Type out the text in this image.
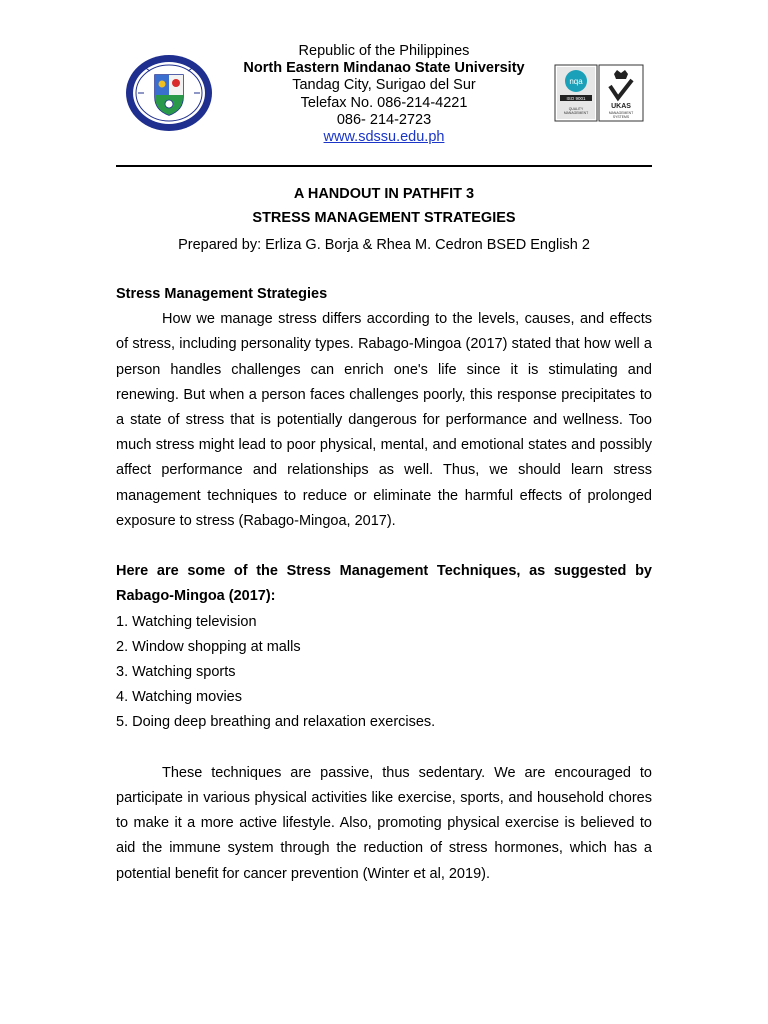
Republic of the Philippines
North Eastern Mindanao State University
Tandag City, Surigao del Sur
Telefax No. 086-214-4221
086- 214-2723
www.sdssu.edu.ph
nqa
ISO 9001
QUALITY
MANAGEMENT
UKAS
MANAGEMENT
SYSTEMS
A HANDOUT IN PATHFIT 3
STRESS MANAGEMENT STRATEGIES
Prepared by: Erliza G. Borja & Rhea M. Cedron BSED English 2

Stress Management Strategies

How we manage stress differs according to the levels, causes, and effects of stress, including personality types. Rabago-Mingoa (2017) stated that how well a person handles challenges can enrich one's life since it is stimulating and renewing. But when a person faces challenges poorly, this response precipitates to a state of stress that is potentially dangerous for performance and wellness. Too much stress might lead to poor physical, mental, and emotional states and possibly affect performance and relationships as well. Thus, we should learn stress management techniques to reduce or eliminate the harmful effects of prolonged exposure to stress (Rabago-Mingoa, 2017).

Here are some of the Stress Management Techniques, as suggested by Rabago-Mingoa (2017):

1. Watching television
2. Window shopping at malls
3. Watching sports
4. Watching movies
5. Doing deep breathing and relaxation exercises.

These techniques are passive, thus sedentary. We are encouraged to participate in various physical activities like exercise, sports, and household chores to make it a more active lifestyle. Also, promoting physical exercise is believed to aid the immune system through the reduction of stress hormones, which has a potential benefit for cancer prevention (Winter et al, 2019).
